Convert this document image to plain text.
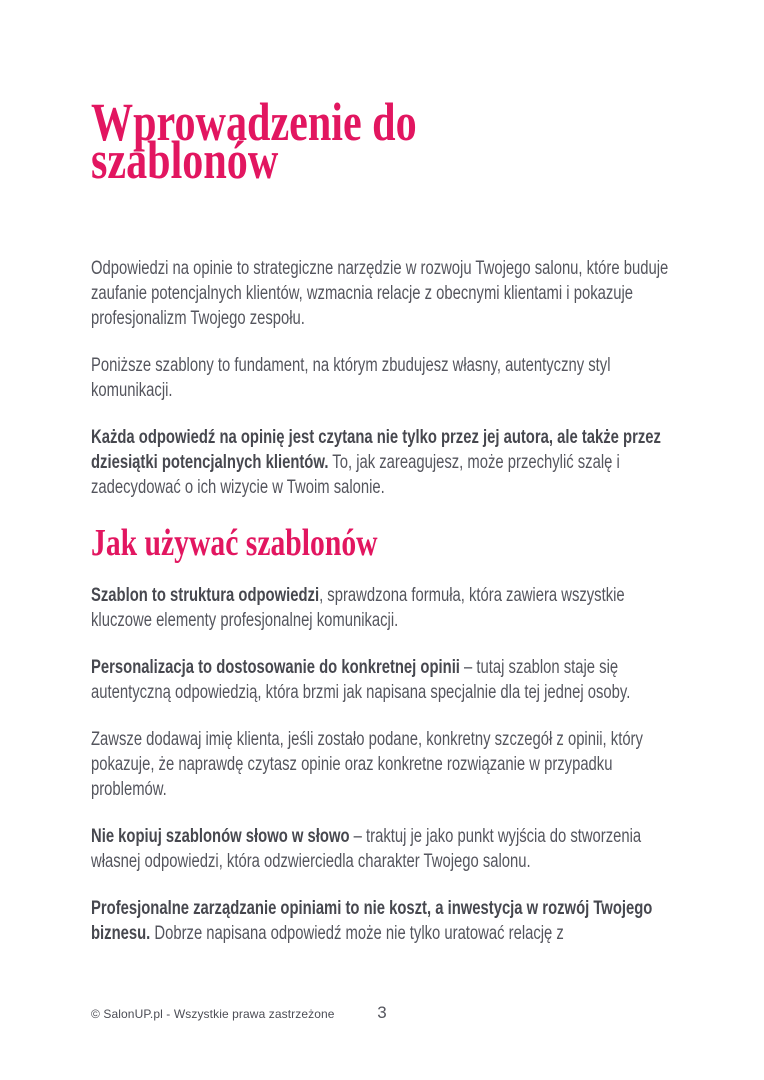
Wprowadzenie do szablonów

Odpowiedzi na opinie to strategiczne narzędzie w rozwoju Twojego salonu, które buduje zaufanie potencjalnych klientów, wzmacnia relacje z obecnymi klientami i pokazuje profesjonalizm Twojego zespołu.

Poniższe szablony to fundament, na którym zbudujesz własny, autentyczny styl komunikacji.

Każda odpowiedź na opinię jest czytana nie tylko przez jej autora, ale także przez dziesiątki potencjalnych klientów. To, jak zareagujesz, może przechylić szalę i zadecydować o ich wizycie w Twoim salonie.

Jak używać szablonów

Szablon to struktura odpowiedzi, sprawdzona formuła, która zawiera wszystkie kluczowe elementy profesjonalnej komunikacji.

Personalizacja to dostosowanie do konkretnej opinii – tutaj szablon staje się autentyczną odpowiedzią, która brzmi jak napisana specjalnie dla tej jednej osoby.

Zawsze dodawaj imię klienta, jeśli zostało podane, konkretny szczegół z opinii, który pokazuje, że naprawdę czytasz opinie oraz konkretne rozwiązanie w przypadku problemów.

Nie kopiuj szablonów słowo w słowo – traktuj je jako punkt wyjścia do stworzenia własnej odpowiedzi, która odzwierciedla charakter Twojego salonu.

Profesjonalne zarządzanie opiniami to nie koszt, a inwestycja w rozwój Twojego biznesu. Dobrze napisana odpowiedź może nie tylko uratować relację z

© SalonUP.pl - Wszystkie prawa zastrzeżone	3
